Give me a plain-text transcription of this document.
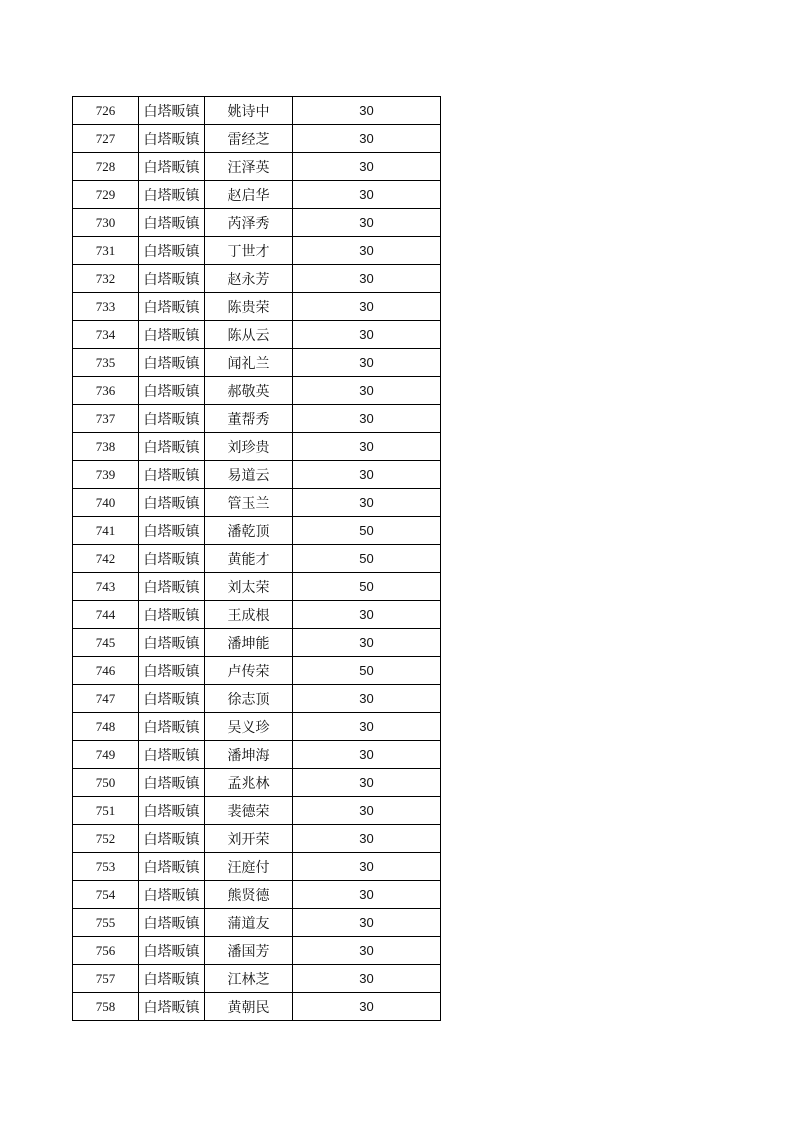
726	白塔畈镇	姚诗中	30
727	白塔畈镇	雷经芝	30
728	白塔畈镇	汪泽英	30
729	白塔畈镇	赵启华	30
730	白塔畈镇	芮泽秀	30
731	白塔畈镇	丁世才	30
732	白塔畈镇	赵永芳	30
733	白塔畈镇	陈贵荣	30
734	白塔畈镇	陈从云	30
735	白塔畈镇	闻礼兰	30
736	白塔畈镇	郝敬英	30
737	白塔畈镇	董帮秀	30
738	白塔畈镇	刘珍贵	30
739	白塔畈镇	易道云	30
740	白塔畈镇	管玉兰	30
741	白塔畈镇	潘乾顶	50
742	白塔畈镇	黄能才	50
743	白塔畈镇	刘太荣	50
744	白塔畈镇	王成根	30
745	白塔畈镇	潘坤能	30
746	白塔畈镇	卢传荣	50
747	白塔畈镇	徐志顶	30
748	白塔畈镇	吴义珍	30
749	白塔畈镇	潘坤海	30
750	白塔畈镇	孟兆林	30
751	白塔畈镇	裴德荣	30
752	白塔畈镇	刘开荣	30
753	白塔畈镇	汪庭付	30
754	白塔畈镇	熊贤德	30
755	白塔畈镇	蒲道友	30
756	白塔畈镇	潘国芳	30
757	白塔畈镇	江林芝	30
758	白塔畈镇	黄朝民	30
